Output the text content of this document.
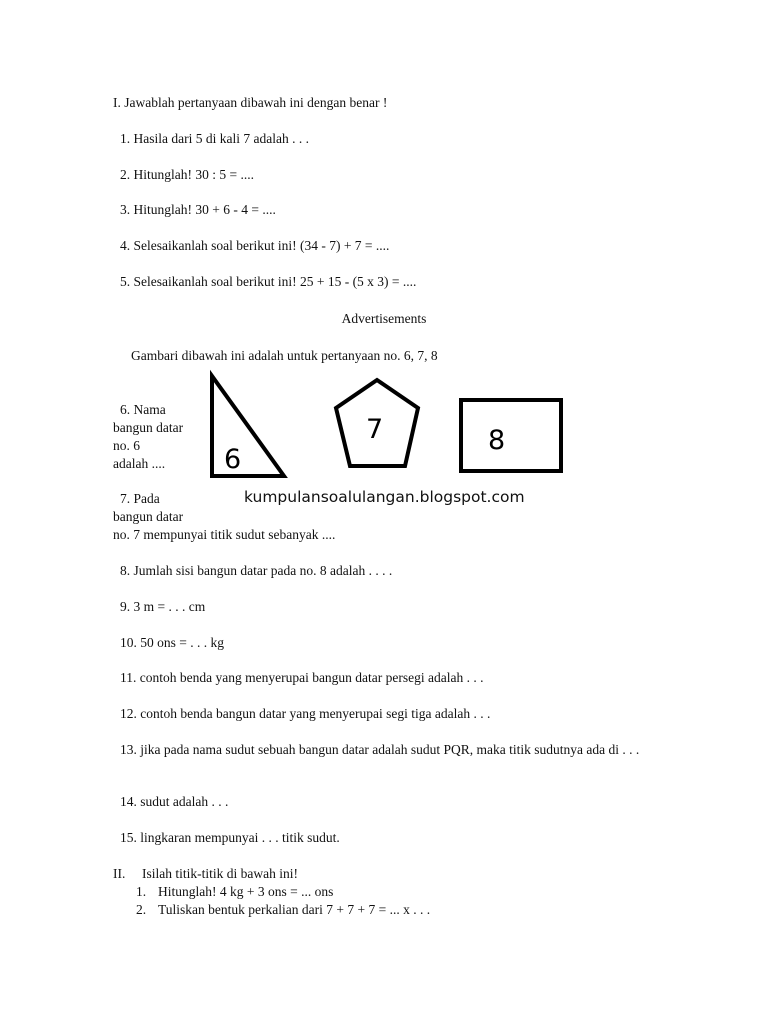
I. Jawablah pertanyaan dibawah ini dengan benar !
1. Hasila dari 5 di kali 7 adalah . . .
2. Hitunglah! 30 : 5 = ....
3. Hitunglah! 30 + 6 - 4 = ....
4. Selesaikanlah soal berikut ini! (34 - 7) + 7 = ....
5. Selesaikanlah soal berikut ini! 25 + 15 - (5 x 3) = ....
Advertisements
Gambari dibawah ini adalah untuk pertanyaan no. 6, 7, 8
6. Nama
bangun datar
no. 6
adalah .... 6
7	8
kumpulansoalulangan.blogspot.com
7. Pada
bangun datar
no. 7 mempunyai titik sudut sebanyak ....
8. Jumlah sisi bangun datar pada no. 8 adalah . . . .
9. 3 m = . . . cm
10. 50 ons = . . . kg
11. contoh benda yang menyerupai bangun datar persegi adalah . . .
12. contoh benda bangun datar yang menyerupai segi tiga adalah . . .
13. jika pada nama sudut sebuah bangun datar adalah sudut PQR, maka titik sudutnya ada di . . .
14. sudut adalah . . .
15. lingkaran mempunyai . . . titik sudut.
II. Isilah titik-titik di bawah ini!
1. Hitunglah! 4 kg + 3 ons = ... ons
2. Tuliskan bentuk perkalian dari 7 + 7 + 7 = ... x . . .
